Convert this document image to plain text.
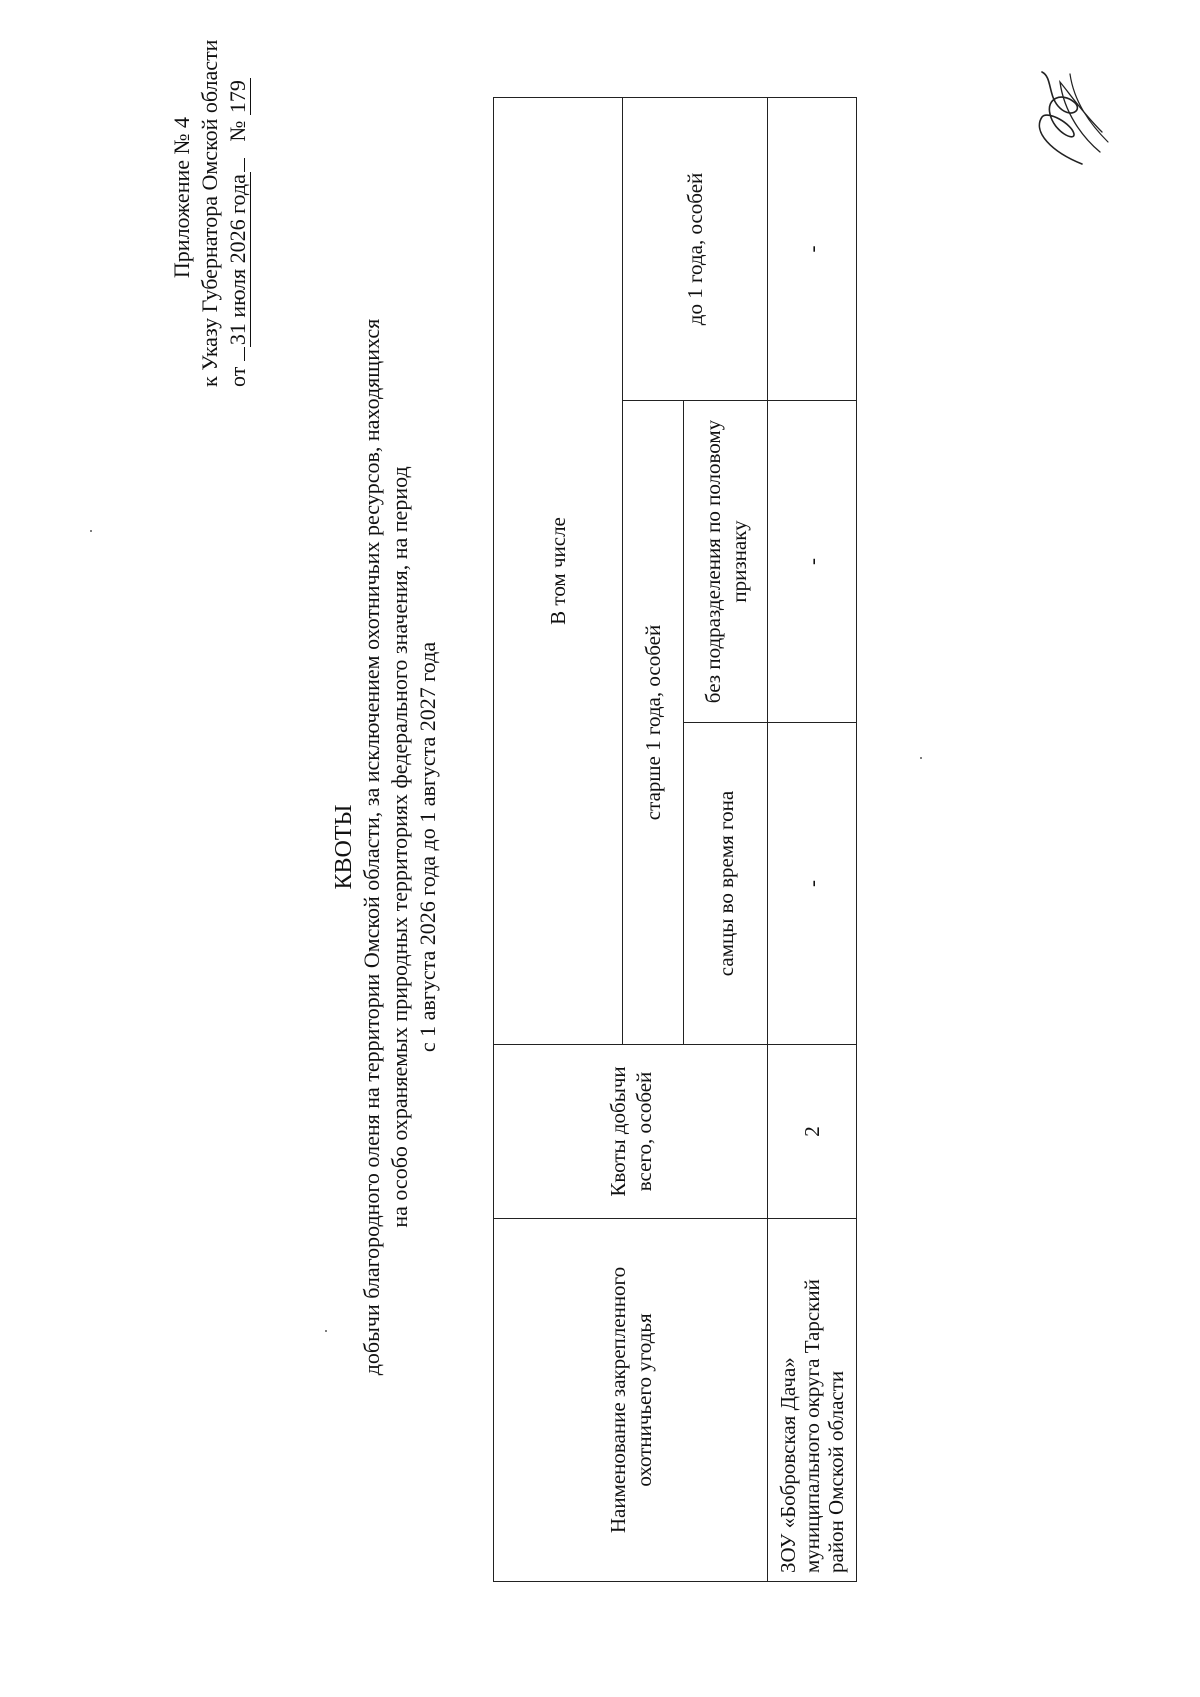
Приложение № 4 к Указу Губернатора Омской области от 31 июля 2026 года   № 179
КВОТЫ добычи благородного оленя на территории Омской области, за исключением охотничьих ресурсов, находящихся на особо охраняемых природных территориях федерального значения, на период с 1 августа 2026 года до 1 августа 2027 года
Наименование закрепленного охотничьего угодья	Квоты добычи всего, особей	В том числе		
		старше 1 года, особей		до 1 года, особей
		самцы во время гона	без подразделения по половому признаку	
ЗОУ «Бобровская Дача» муниципального округа Тарский район Омской области	2	-	-	-
